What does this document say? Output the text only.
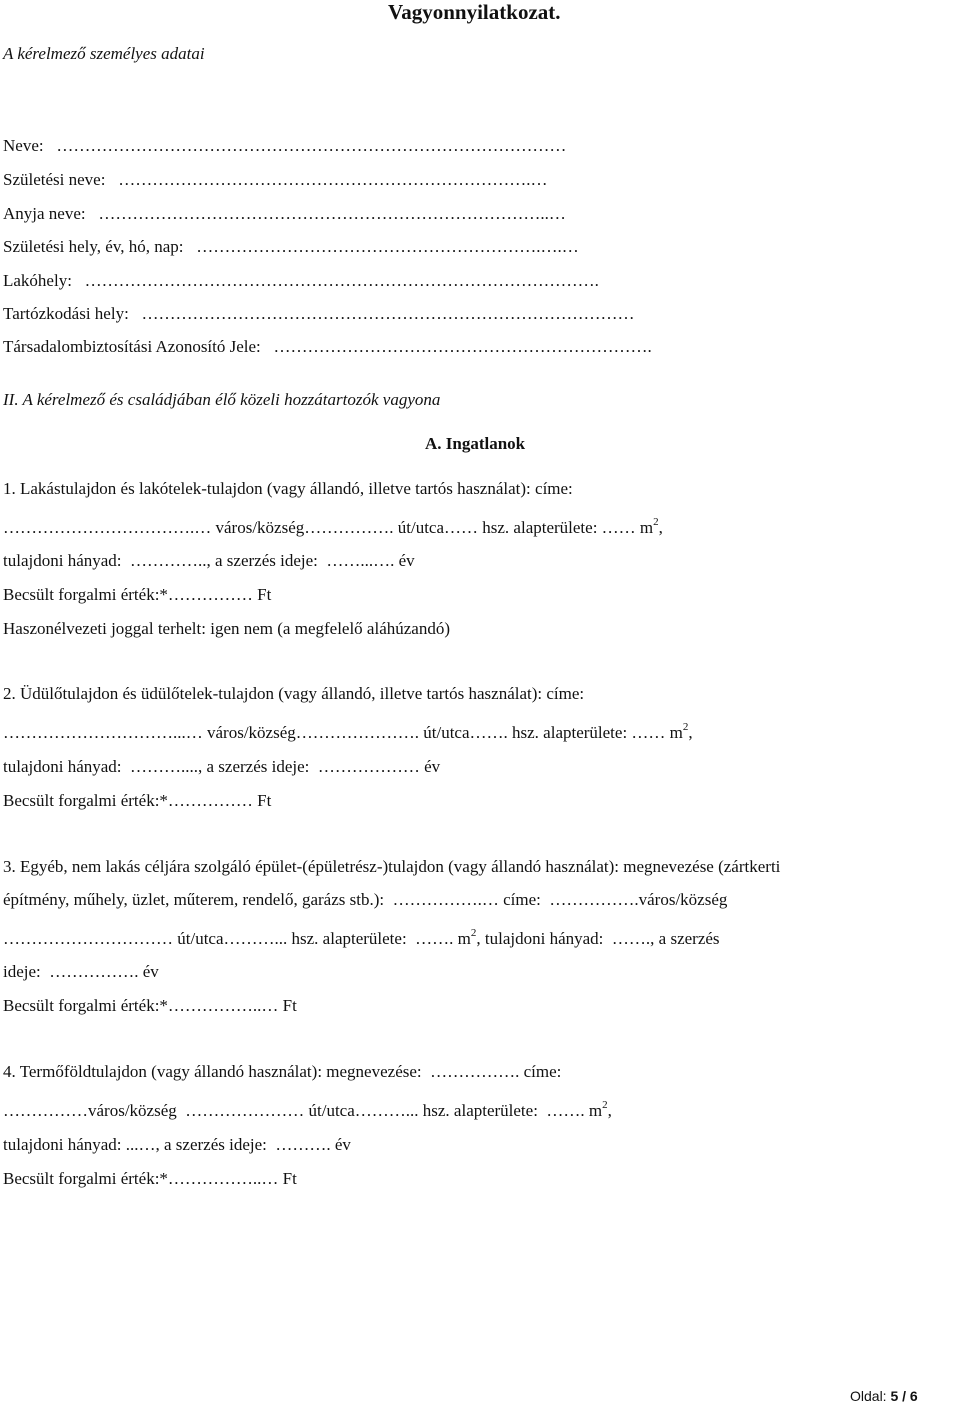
Vagyonnyilatkozat.
A kérelmező személyes adatai
Neve:   ………………………………………………………………………………
Születési neve:   ……………………………………………………………….…
Anyja neve:   ……………………………………………………………………..…
Születési hely, év, hó, nap:   …………………………………………………….….…
Lakóhely:   ……………………………………………………………………………….
Tartózkodási hely:   ……………………………………………………………………………
Társadalombiztosítási Azonosító Jele:   ………………………………………………………….
II. A kérelmező és családjában élő közeli hozzátartozók vagyona
A. Ingatlanok
1. Lakástulajdon és lakótelek-tulajdon (vagy állandó, illetve tartós használat): címe:
…………………………….… város/község……………. út/utca…… hsz. alapterülete: …… $m^2$,
tulajdoni hányad:  ………….., a szerzés ideje:  ……...…. év
Becsült forgalmi érték:*…………… Ft
Haszonélvezeti joggal terhelt: igen nem (a megfelelő aláhúzandó)
2. Üdülőtulajdon és üdülőtelek-tulajdon (vagy állandó, illetve tartós használat): címe:
…………………………...… város/község…………………. út/utca……. hsz. alapterülete: …… $m^2$,
tulajdoni hányad:  ………...., a szerzés ideje:  ……………… év
Becsült forgalmi érték:*…………… Ft
3. Egyéb, nem lakás céljára szolgáló épület-(épületrész-)tulajdon (vagy állandó használat): megnevezése (zártkerti
építmény, műhely, üzlet, műterem, rendelő, garázs stb.):  …………….… címe:  …………….város/község
………………………… út/utca………... hsz. alapterülete:  ……. $m^2$, tulajdoni hányad:  ……., a szerzés
ideje:  ……………. év
Becsült forgalmi érték:*……………..… Ft
4. Termőföldtulajdon (vagy állandó használat): megnevezése:  ……………. címe:
……………város/község  ………………… út/utca………... hsz. alapterülete:  ……. $m^2$,
tulajdoni hányad: ...…, a szerzés ideje:  ………. év
Becsült forgalmi érték:*……………..… Ft
Oldal: 5 / 6
